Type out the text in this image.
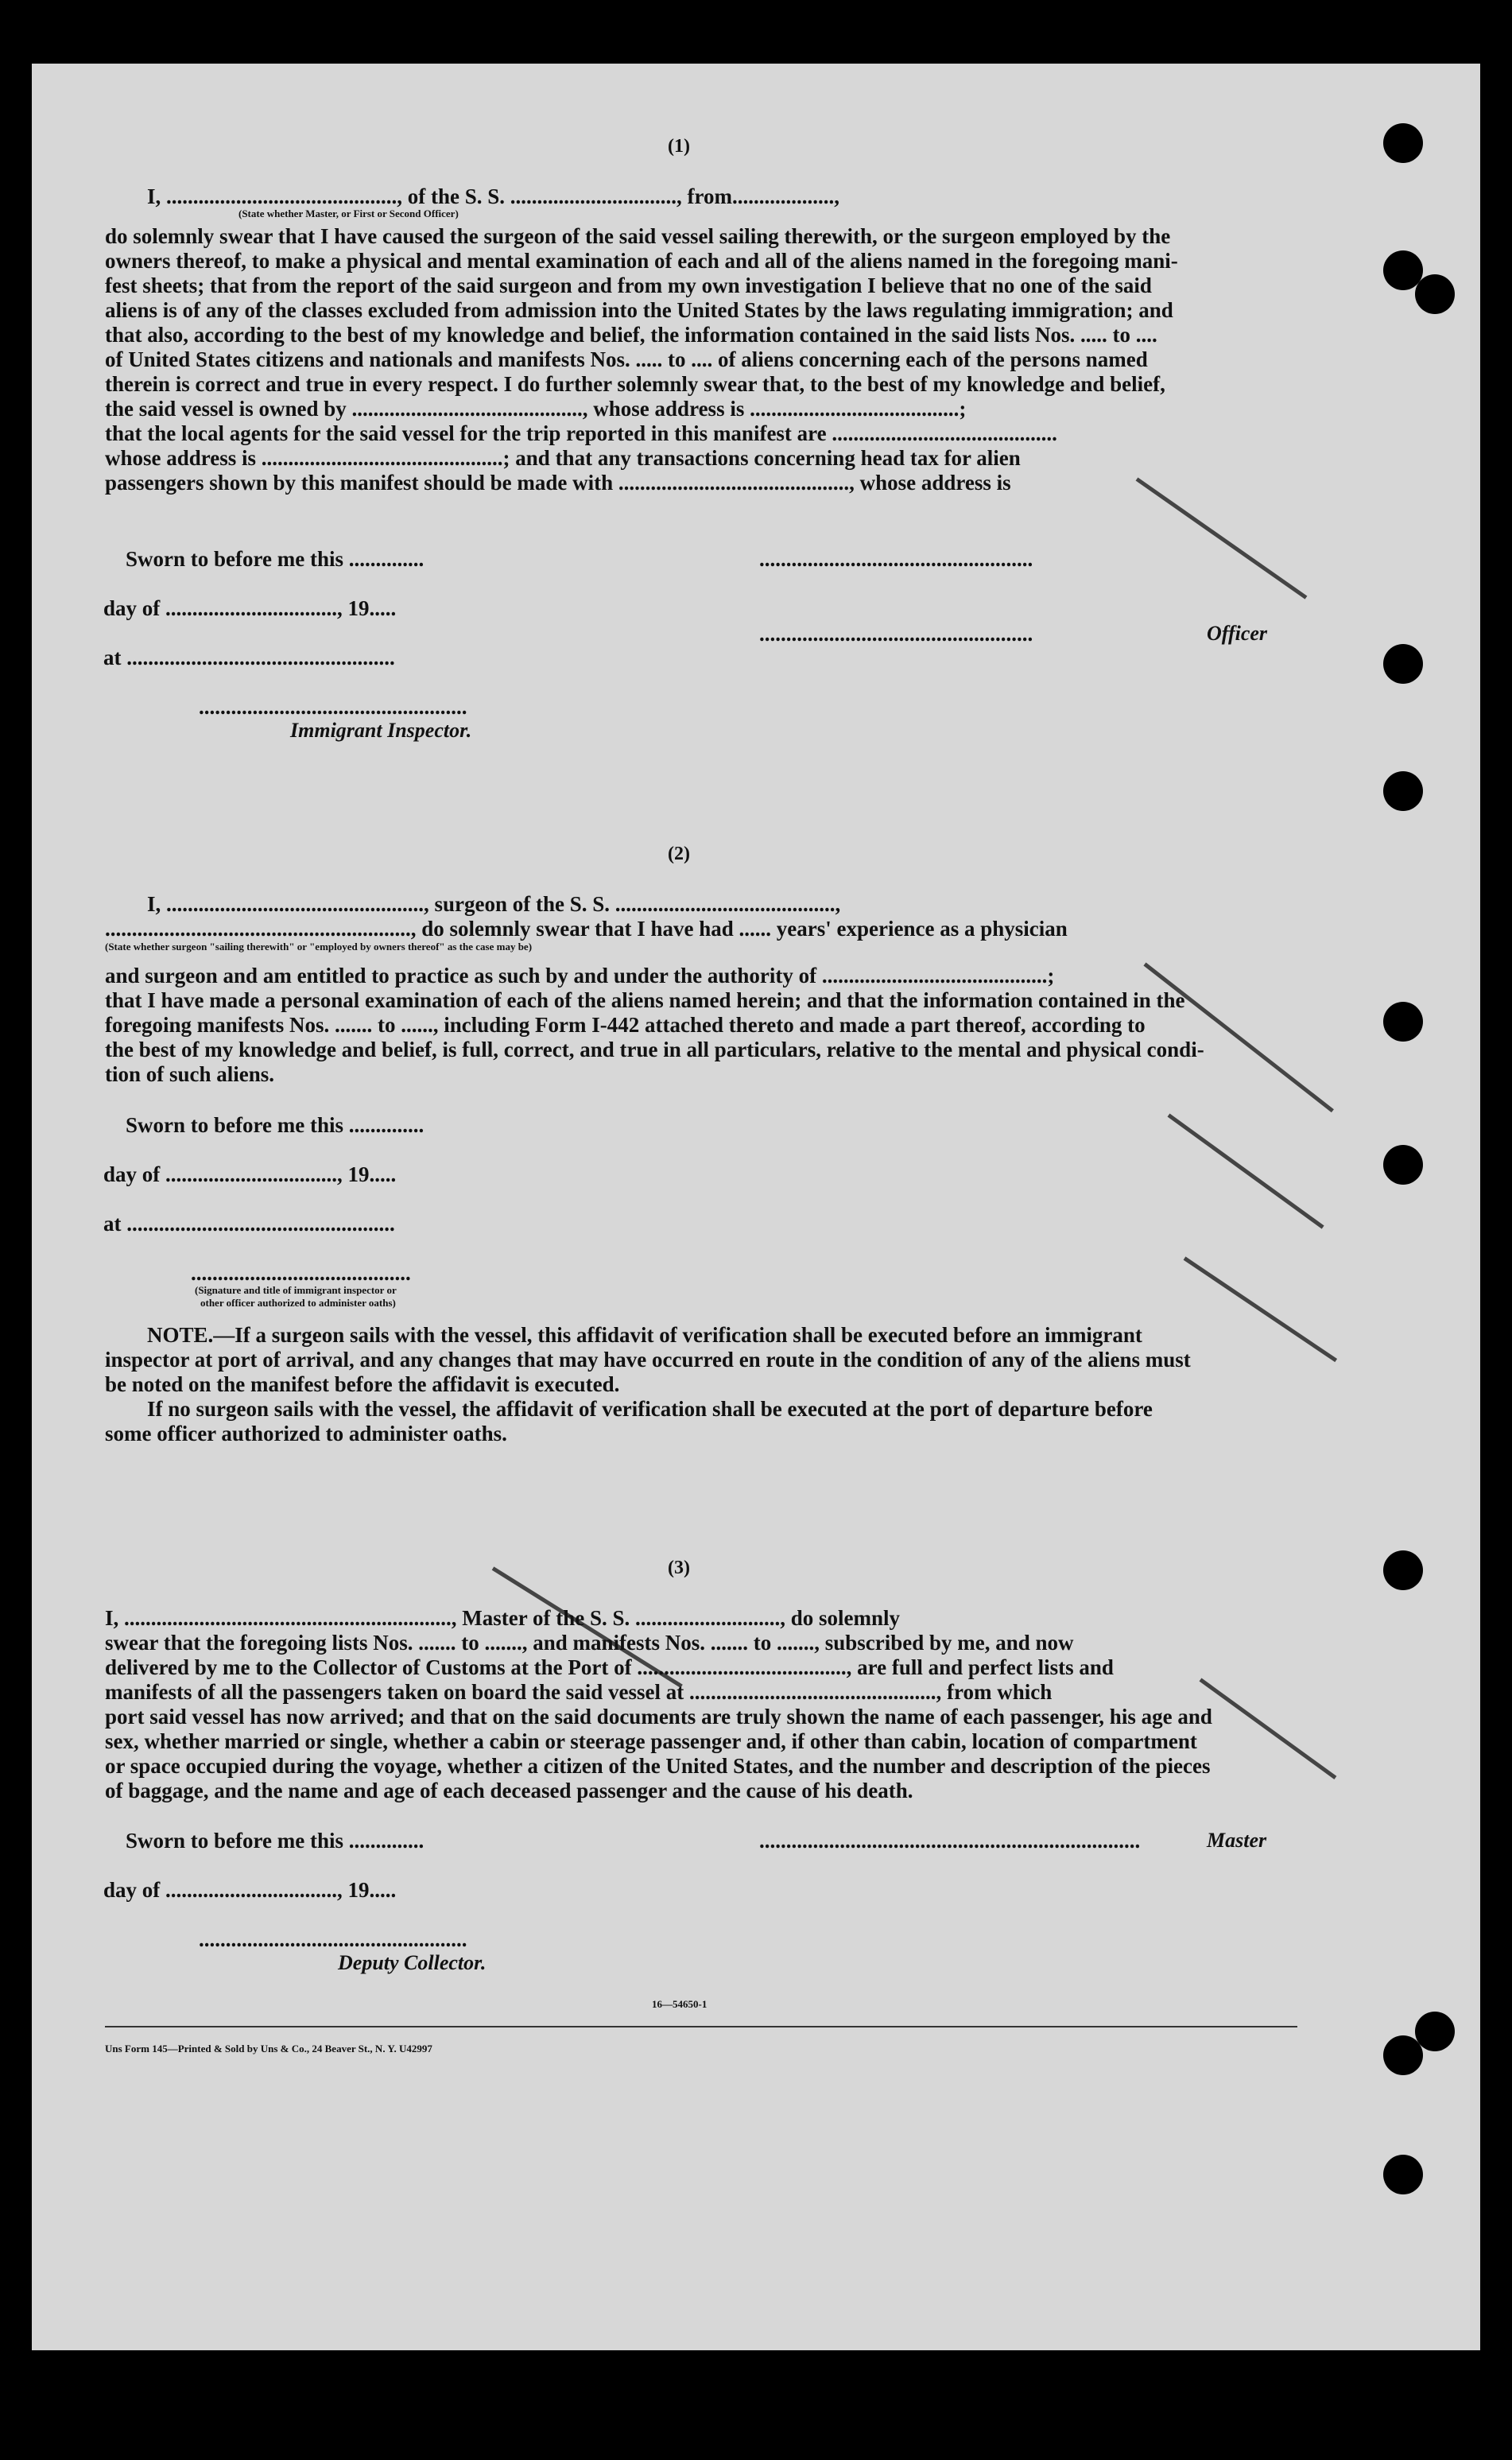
(1)
I, ..........................................., of the S. S. ..............................., from...................,
(State whether Master, or First or Second Officer)
do solemnly swear that I have caused the surgeon of the said vessel sailing therewith, or the surgeon employed by the
owners thereof, to make a physical and mental examination of each and all of the aliens named in the foregoing mani-
fest sheets; that from the report of the said surgeon and from my own investigation I believe that no one of the said
aliens is of any of the classes excluded from admission into the United States by the laws regulating immigration; and
that also, according to the best of my knowledge and belief, the information contained in the said lists Nos. ..... to ....
of United States citizens and nationals and manifests Nos. ..... to .... of aliens concerning each of the persons named
therein is correct and true in every respect. I do further solemnly swear that, to the best of my knowledge and belief,
the said vessel is owned by ..........................................., whose address is .......................................;
that the local agents for the said vessel for the trip reported in this manifest are ..........................................
whose address is .............................................; and that any transactions concerning head tax for alien
passengers shown by this manifest should be made with ..........................................., whose address is
Sworn to before me this ..............
day of ................................, 19.....
at ..................................................
..................................................
Immigrant Inspector.
...................................................
...................................................	Officer
(2)
I, ................................................, surgeon of the S. S. .........................................,
........................................................., do solemnly swear that I have had ...... years' experience as a physician
(State whether surgeon "sailing therewith" or "employed by owners thereof" as the case may be)
and surgeon and am entitled to practice as such by and under the authority of ..........................................;
that I have made a personal examination of each of the aliens named herein; and that the information contained in the
foregoing manifests Nos. ....... to ......, including Form I-442 attached thereto and made a part thereof, according to
the best of my knowledge and belief, is full, correct, and true in all particulars, relative to the mental and physical condi-
tion of such aliens.
Sworn to before me this ..............
day of ................................, 19.....
at ..................................................
.........................................
(Signature and title of immigrant inspector or
other officer authorized to administer oaths)
NOTE.—If a surgeon sails with the vessel, this affidavit of verification shall be executed before an immigrant
inspector at port of arrival, and any changes that may have occurred en route in the condition of any of the aliens must
be noted on the manifest before the affidavit is executed.
If no surgeon sails with the vessel, the affidavit of verification shall be executed at the port of departure before
some officer authorized to administer oaths.
(3)
I, ............................................................., Master of the S. S. ..........................., do solemnly
swear that the foregoing lists Nos. ....... to ......., and manifests Nos. ....... to ......., subscribed by me, and now
delivered by me to the Collector of Customs at the Port of ......................................., are full and perfect lists and
manifests of all the passengers taken on board the said vessel at .............................................., from which
port said vessel has now arrived; and that on the said documents are truly shown the name of each passenger, his age and
sex, whether married or single, whether a cabin or steerage passenger and, if other than cabin, location of compartment
or space occupied during the voyage, whether a citizen of the United States, and the number and description of the pieces
of baggage, and the name and age of each deceased passenger and the cause of his death.
Sworn to before me this ..............
day of ................................, 19.....
..................................................
Deputy Collector.
.......................................................................	Master
16—54650-1
Uns Form 145—Printed & Sold by Uns & Co., 24 Beaver St., N. Y. U42997
